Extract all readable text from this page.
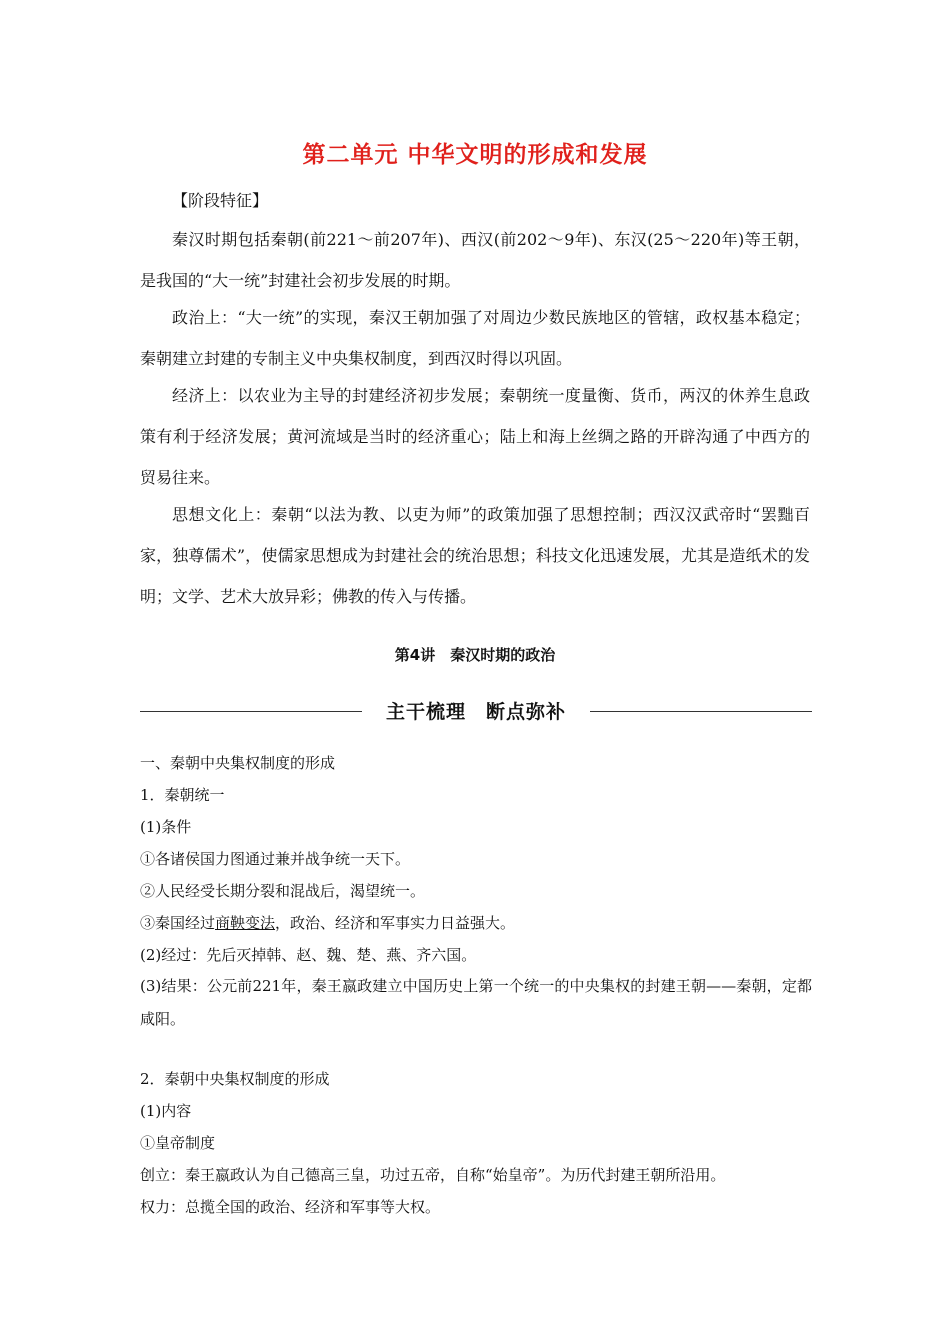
第二单元 中华文明的形成和发展
【阶段特征】

秦汉时期包括秦朝(前221～前207年)、西汉(前202～9年)、东汉(25～220年)等王朝，是我国的“大一统”封建社会初步发展的时期。

政治上：“大一统”的实现，秦汉王朝加强了对周边少数民族地区的管辖，政权基本稳定；秦朝建立封建的专制主义中央集权制度，到西汉时得以巩固。

经济上：以农业为主导的封建经济初步发展；秦朝统一度量衡、货币，两汉的休养生息政策有利于经济发展；黄河流域是当时的经济重心；陆上和海上丝绸之路的开辟沟通了中西方的贸易往来。

思想文化上：秦朝“以法为教、以吏为师”的政策加强了思想控制；西汉汉武帝时“罢黜百家，独尊儒术”，使儒家思想成为封建社会的统治思想；科技文化迅速发展，尤其是造纸术的发明；文学、艺术大放异彩；佛教的传入与传播。

第4讲　秦汉时期的政治
主干梳理　断点弥补
一、秦朝中央集权制度的形成
1．秦朝统一
(1)条件
①各诸侯国力图通过兼并战争统一天下。
②人民经受长期分裂和混战后，渴望统一。
③秦国经过商鞅变法，政治、经济和军事实力日益强大。
(2)经过：先后灭掉韩、赵、魏、楚、燕、齐六国。
(3)结果：公元前221年，秦王嬴政建立中国历史上第一个统一的中央集权的封建王朝——秦朝，定都咸阳。
2．秦朝中央集权制度的形成
(1)内容
①皇帝制度
创立：秦王嬴政认为自己德高三皇，功过五帝，自称“始皇帝”。为历代封建王朝所沿用。
权力：总揽全国的政治、经济和军事等大权。
